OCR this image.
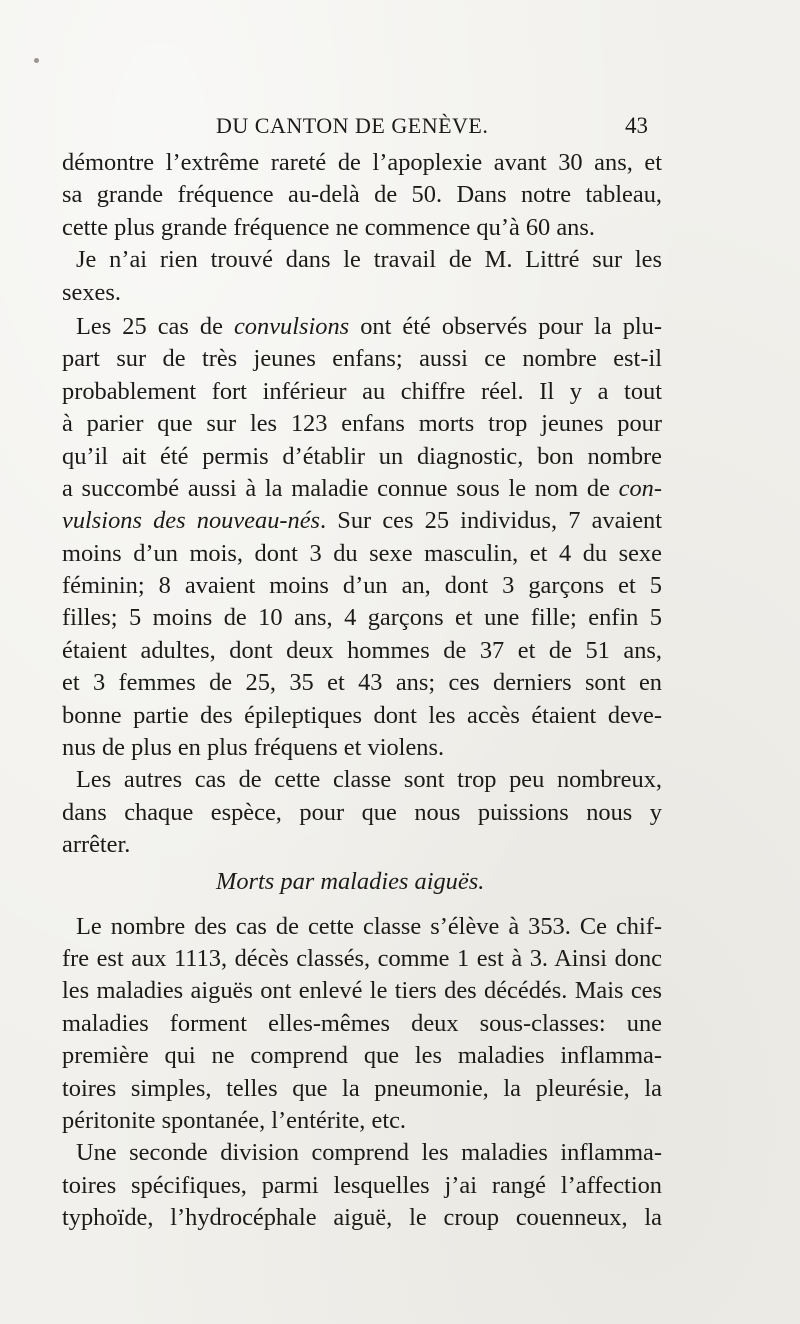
DU CANTON DE GENÈVE.	43
démontre l’extrême rareté de l’apoplexie avant 30 ans, et
sa grande fréquence au-delà de 50. Dans notre tableau,
cette plus grande fréquence ne commence qu’à 60 ans.
Je n’ai rien trouvé dans le travail de M. Littré sur les
sexes.
Les 25 cas de convulsions ont été observés pour la plu-
part sur de très jeunes enfans; aussi ce nombre est-il
probablement fort inférieur au chiffre réel. Il y a tout
à parier que sur les 123 enfans morts trop jeunes pour
qu’il ait été permis d’établir un diagnostic, bon nombre
a succombé aussi à la maladie connue sous le nom de con-
vulsions des nouveau-nés. Sur ces 25 individus, 7 avaient
moins d’un mois, dont 3 du sexe masculin, et 4 du sexe
féminin; 8 avaient moins d’un an, dont 3 garçons et 5
filles; 5 moins de 10 ans, 4 garçons et une fille; enfin 5
étaient adultes, dont deux hommes de 37 et de 51 ans,
et 3 femmes de 25, 35 et 43 ans; ces derniers sont en
bonne partie des épileptiques dont les accès étaient deve-
nus de plus en plus fréquens et violens.
Les autres cas de cette classe sont trop peu nombreux,
dans chaque espèce, pour que nous puissions nous y
arrêter.
Morts par maladies aiguës.
Le nombre des cas de cette classe s’élève à 353. Ce chif-
fre est aux 1113, décès classés, comme 1 est à 3. Ainsi donc
les maladies aiguës ont enlevé le tiers des décédés. Mais ces
maladies forment elles-mêmes deux sous-classes: une
première qui ne comprend que les maladies inflamma-
toires simples, telles que la pneumonie, la pleurésie, la
péritonite spontanée, l’entérite, etc.
Une seconde division comprend les maladies inflamma-
toires spécifiques, parmi lesquelles j’ai rangé l’affection
typhoïde, l’hydrocéphale aiguë, le croup couenneux, la
